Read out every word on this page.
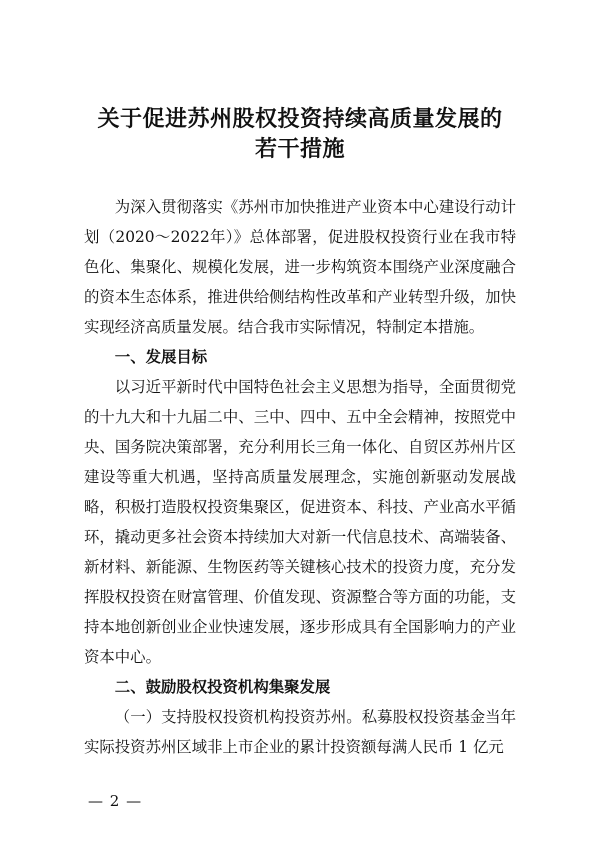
关于促进苏州股权投资持续高质量发展的
若干措施

为深入贯彻落实《苏州市加快推进产业资本中心建设行动计划（2020～2022年）》总体部署，促进股权投资行业在我市特色化、集聚化、规模化发展，进一步构筑资本围绕产业深度融合的资本生态体系，推进供给侧结构性改革和产业转型升级，加快实现经济高质量发展。结合我市实际情况，特制定本措施。

一、发展目标

以习近平新时代中国特色社会主义思想为指导，全面贯彻党的十九大和十九届二中、三中、四中、五中全会精神，按照党中央、国务院决策部署，充分利用长三角一体化、自贸区苏州片区建设等重大机遇，坚持高质量发展理念，实施创新驱动发展战略，积极打造股权投资集聚区，促进资本、科技、产业高水平循环，撬动更多社会资本持续加大对新一代信息技术、高端装备、新材料、新能源、生物医药等关键核心技术的投资力度，充分发挥股权投资在财富管理、价值发现、资源整合等方面的功能，支持本地创新创业企业快速发展，逐步形成具有全国影响力的产业资本中心。

二、鼓励股权投资机构集聚发展

（一）支持股权投资机构投资苏州。私募股权投资基金当年实际投资苏州区域非上市企业的累计投资额每满人民币 1 亿元

— 2 —
